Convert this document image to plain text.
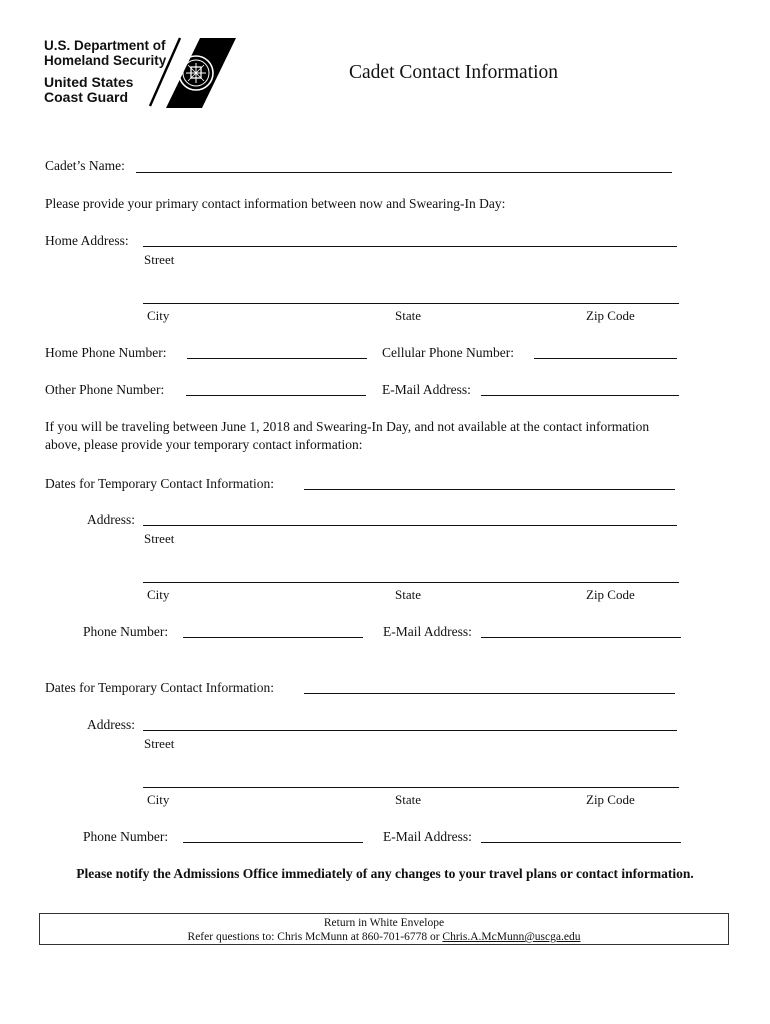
U.S. Department of
Homeland Security
United States
Coast Guard
Cadet Contact Information
Cadet’s Name:
Please provide your primary contact information between now and Swearing-In Day:
Home Address:
Street
City	State	Zip Code
Home Phone Number:	Cellular Phone Number:
Other Phone Number:	E-Mail Address:
If you will be traveling between June 1, 2018 and Swearing-In Day, and not available at the contact information
above, please provide your temporary contact information:
Dates for Temporary Contact Information:
Address:
Street
City	State	Zip Code
Phone Number:	E-Mail Address:
Dates for Temporary Contact Information:
Address:
Street
City	State	Zip Code
Phone Number:	E-Mail Address:
Please notify the Admissions Office immediately of any changes to your travel plans or contact information.
Return in White Envelope
Refer questions to: Chris McMunn at 860-701-6778 or Chris.A.McMunn@uscga.edu
